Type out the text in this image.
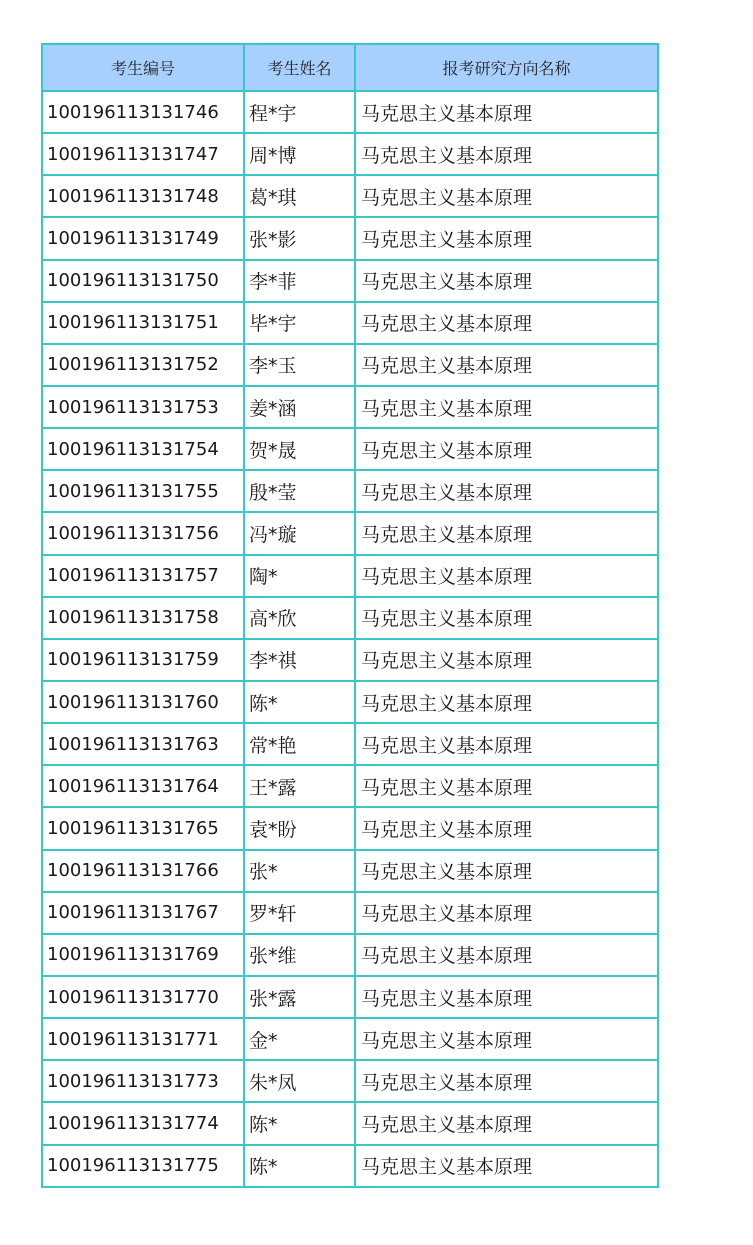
考生编号	考生姓名	报考研究方向名称
100196113131746	程*宇	马克思主义基本原理
100196113131747	周*博	马克思主义基本原理
100196113131748	葛*琪	马克思主义基本原理
100196113131749	张*影	马克思主义基本原理
100196113131750	李*菲	马克思主义基本原理
100196113131751	毕*宇	马克思主义基本原理
100196113131752	李*玉	马克思主义基本原理
100196113131753	姜*涵	马克思主义基本原理
100196113131754	贺*晟	马克思主义基本原理
100196113131755	殷*莹	马克思主义基本原理
100196113131756	冯*璇	马克思主义基本原理
100196113131757	陶*	马克思主义基本原理
100196113131758	高*欣	马克思主义基本原理
100196113131759	李*祺	马克思主义基本原理
100196113131760	陈*	马克思主义基本原理
100196113131763	常*艳	马克思主义基本原理
100196113131764	王*露	马克思主义基本原理
100196113131765	袁*盼	马克思主义基本原理
100196113131766	张*	马克思主义基本原理
100196113131767	罗*轩	马克思主义基本原理
100196113131769	张*维	马克思主义基本原理
100196113131770	张*露	马克思主义基本原理
100196113131771	金*	马克思主义基本原理
100196113131773	朱*凤	马克思主义基本原理
100196113131774	陈*	马克思主义基本原理
100196113131775	陈*	马克思主义基本原理
